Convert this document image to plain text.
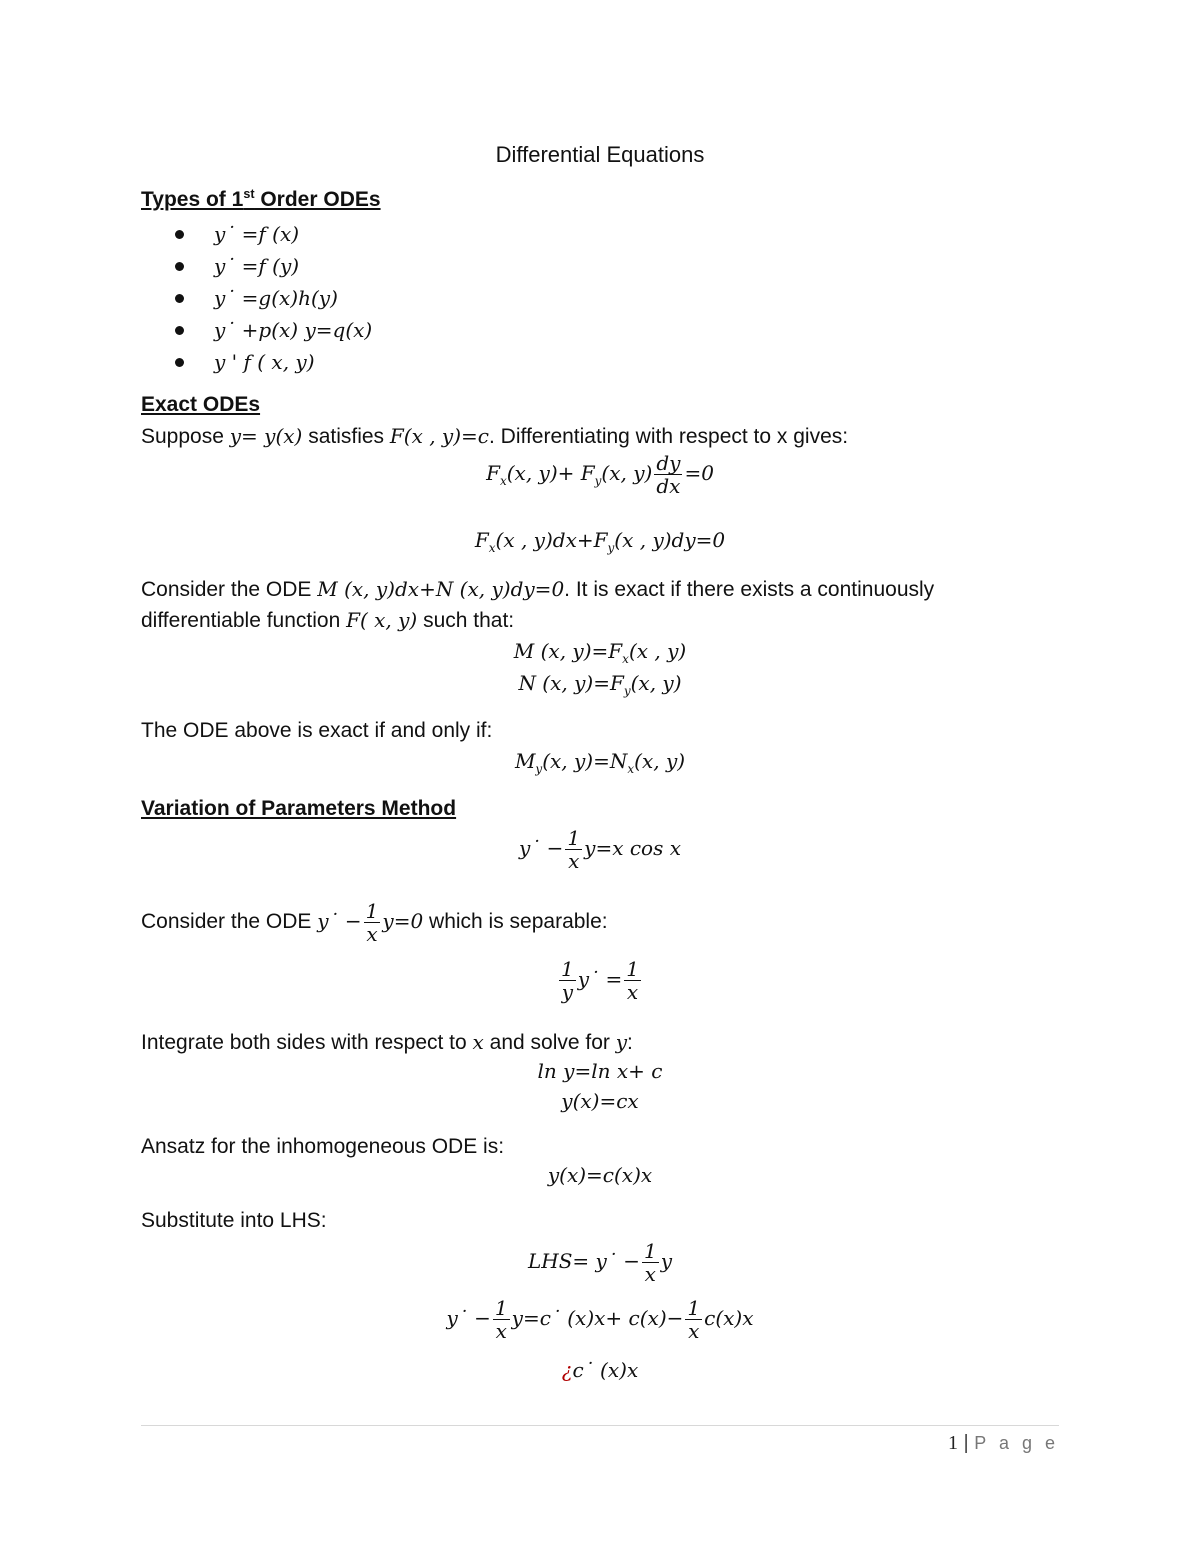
Differential Equations
Types of 1st Order ODEs
y˙ =f (x)
y˙ =f (y)
y˙ =g(x)h(y)
y˙ +p(x) y=q(x)
y ' f ( x, y)
Exact ODEs
Suppose y= y(x) satisfies F(x , y)=c. Differentiating with respect to x gives:
$F_x(x$, $y)+ F_y(x$, $y) \frac{dy}{dx} =0$
$F_x(x$ , $y)dx+F_y(x$ , y)dy=0
Consider the ODE M (x, y)dx+N (x, y)dy=0. It is exact if there exists a continuously
differentiable function F( x, y) such that:
M (x, $y)=F_x(x$ , y)
N (x, $y)=F_y(x$, y)
The ODE above is exact if and only if:
$M_y(x$, $y)=N_x(x$, y)
Variation of Parameters Method
y˙ − $\frac{1}{x} y=x$ cos x
Consider the ODE y˙ − $\frac{1}{x} y=0$ which is separable:
$\frac{1}{y}$ y˙ = $\frac{1}{x}$
Integrate both sides with respect to x and solve for y:
ln y=ln x+ c
y(x)=cx
Ansatz for the inhomogeneous ODE is:
y(x)=c(x)x
Substitute into LHS:
LHS= y˙ − $\frac{1}{x}$ y
y˙ − $\frac{1}{x}$ y=c˙ $(x)x+ c(x)- \frac{1}{x} c(x)x$
¿c˙ (x)x
1 | P a g e
